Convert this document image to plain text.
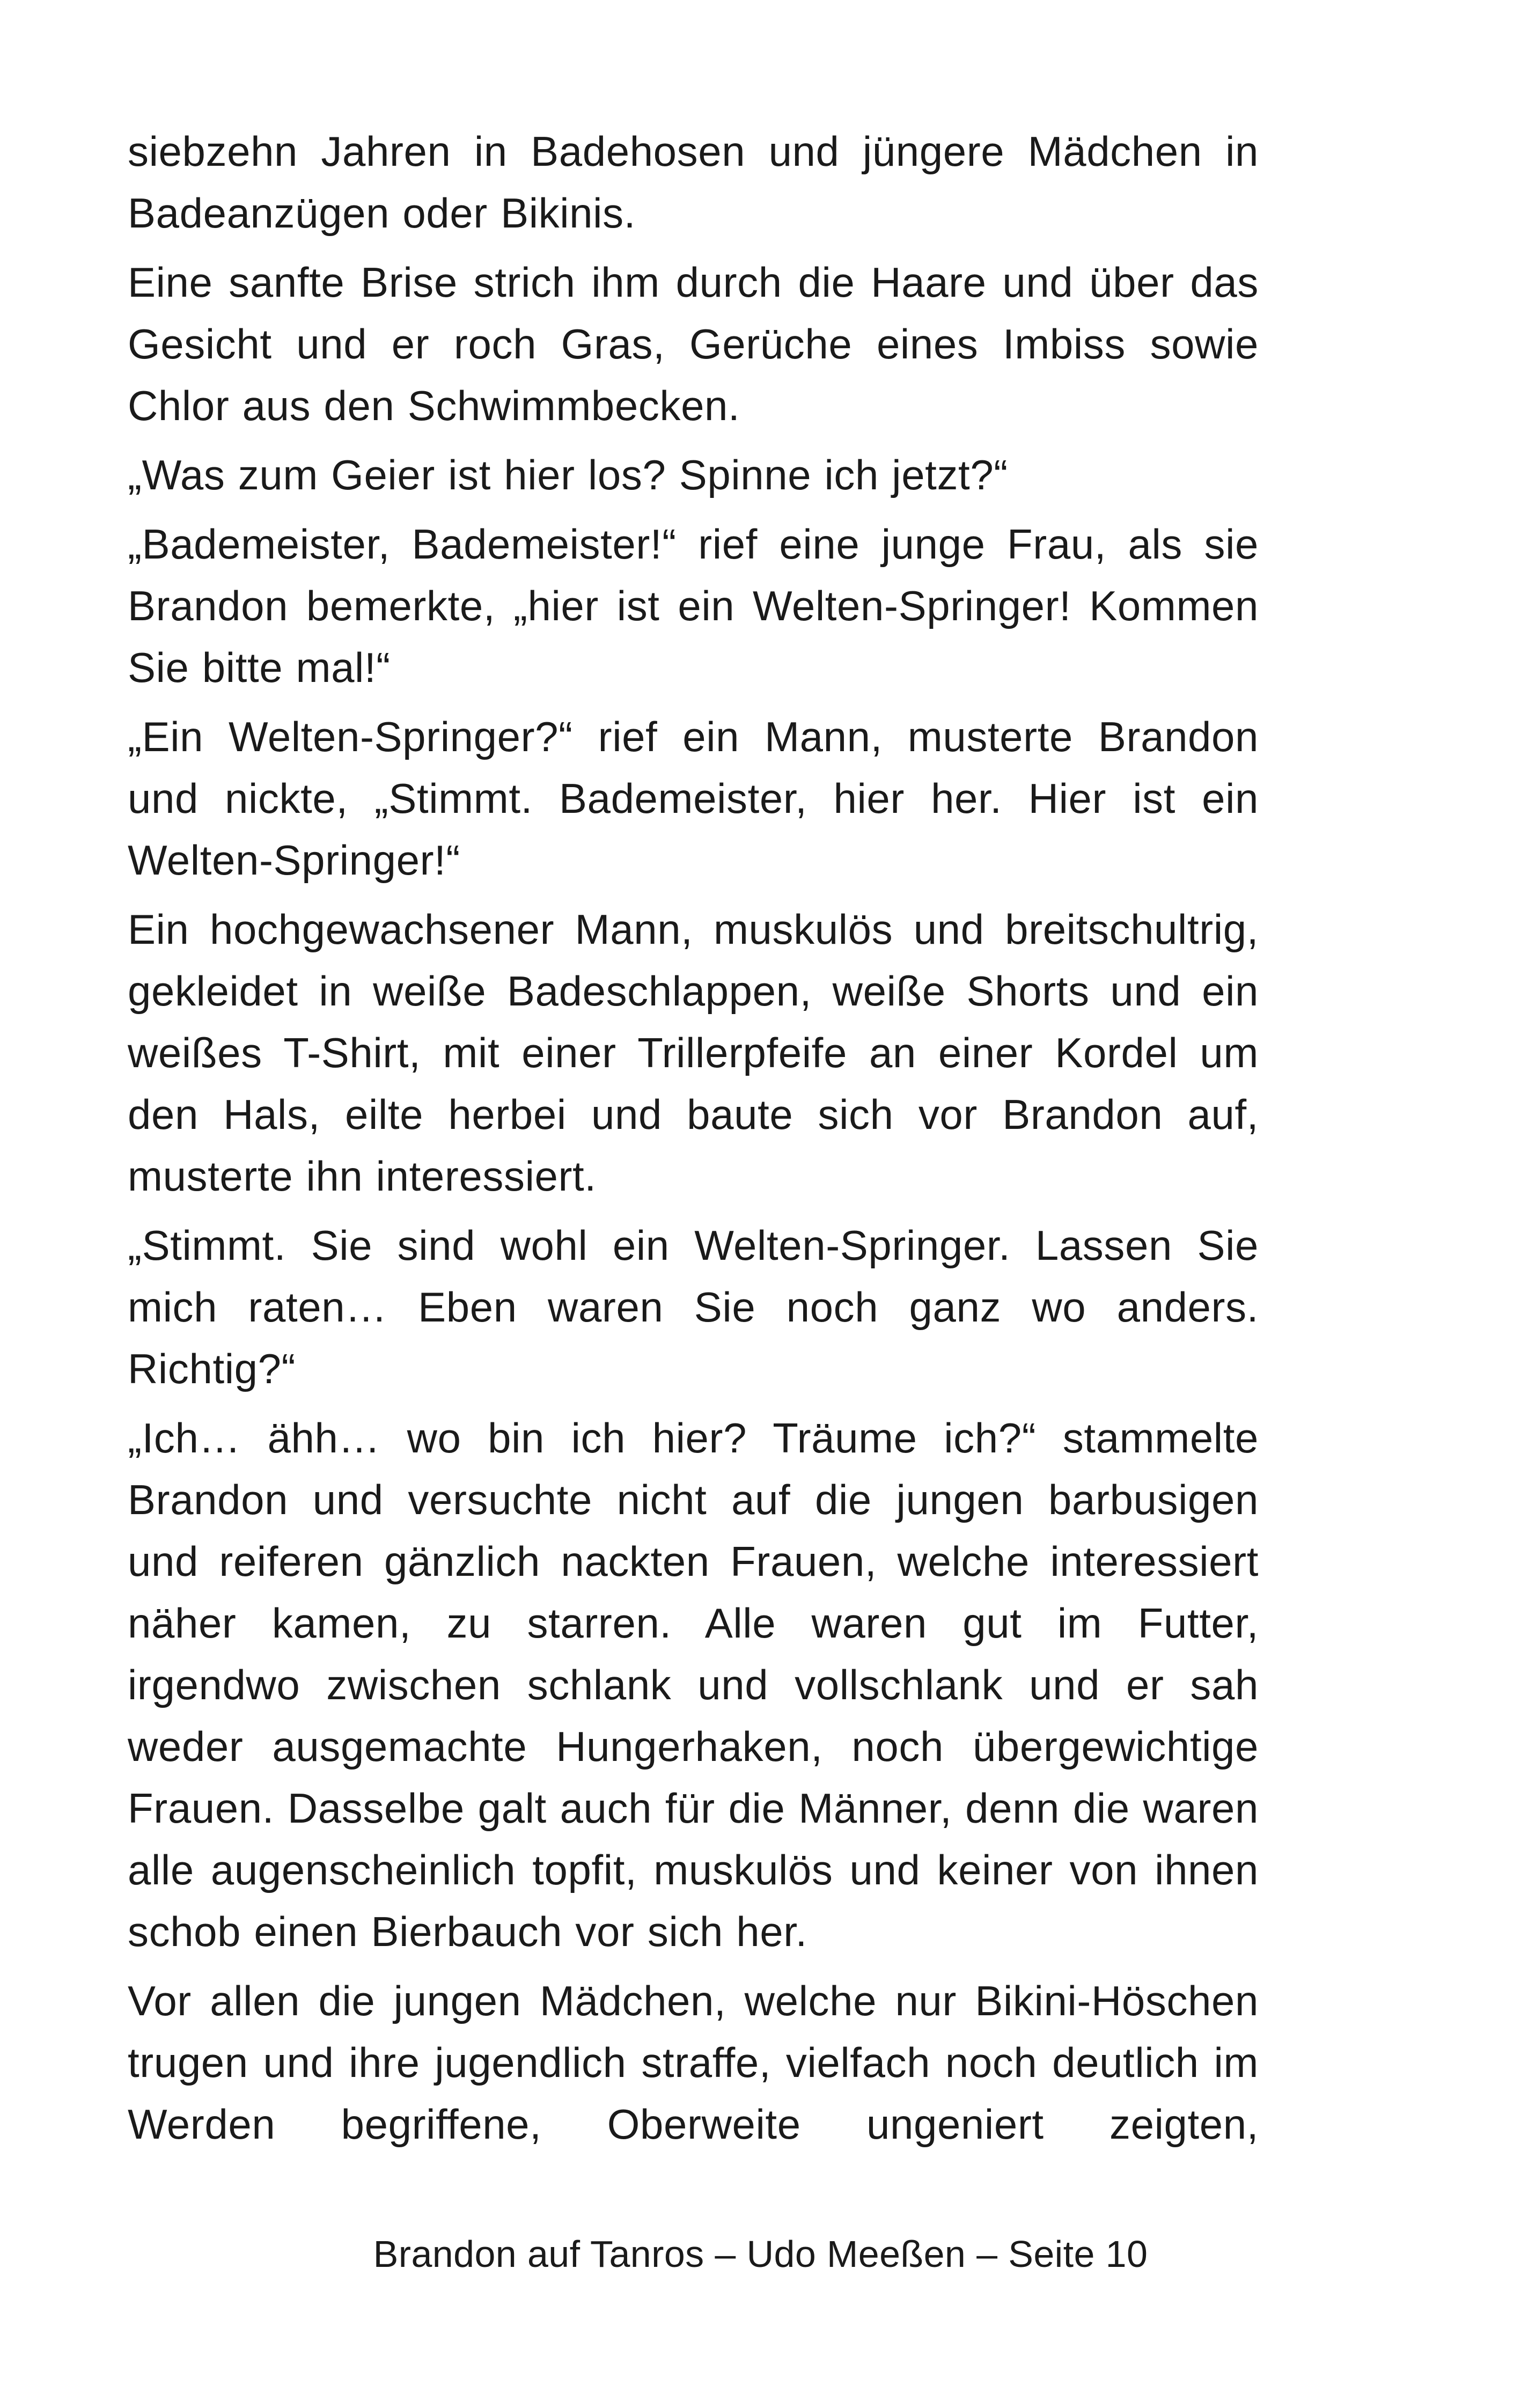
siebzehn Jahren in Badehosen und jüngere Mädchen in Badeanzügen oder Bikinis.

Eine sanfte Brise strich ihm durch die Haare und über das Gesicht und er roch Gras, Gerüche eines Imbiss sowie Chlor aus den Schwimmbecken.

„Was zum Geier ist hier los? Spinne ich jetzt?“

„Bademeister, Bademeister!“ rief eine junge Frau, als sie Brandon bemerkte, „hier ist ein Welten-Springer! Kommen Sie bitte mal!“

„Ein Welten-Springer?“ rief ein Mann, musterte Brandon und nickte, „Stimmt. Bademeister, hier her. Hier ist ein Welten-Springer!“

Ein hochgewachsener Mann, muskulös und breitschultrig, gekleidet in weiße Badeschlappen, weiße Shorts und ein weißes T-Shirt, mit einer Trillerpfeife an einer Kordel um den Hals, eilte herbei und baute sich vor Brandon auf, musterte ihn interessiert.

„Stimmt. Sie sind wohl ein Welten-Springer. Lassen Sie mich raten… Eben waren Sie noch ganz wo anders. Richtig?“

„Ich… ähh… wo bin ich hier? Träume ich?“ stammelte Brandon und versuchte nicht auf die jungen barbusigen und reiferen gänzlich nackten Frauen, welche interessiert näher kamen, zu starren. Alle waren gut im Futter, irgendwo zwischen schlank und vollschlank und er sah weder ausgemachte Hungerhaken, noch übergewichtige Frauen. Dasselbe galt auch für die Männer, denn die waren alle augenscheinlich topfit, muskulös und keiner von ihnen schob einen Bierbauch vor sich her.

Vor allen die jungen Mädchen, welche nur Bikini-Höschen trugen und ihre jugendlich straffe, vielfach noch deutlich im Werden begriffene, Oberweite ungeniert zeigten,

Brandon auf Tanros – Udo Meeßen – Seite 10
